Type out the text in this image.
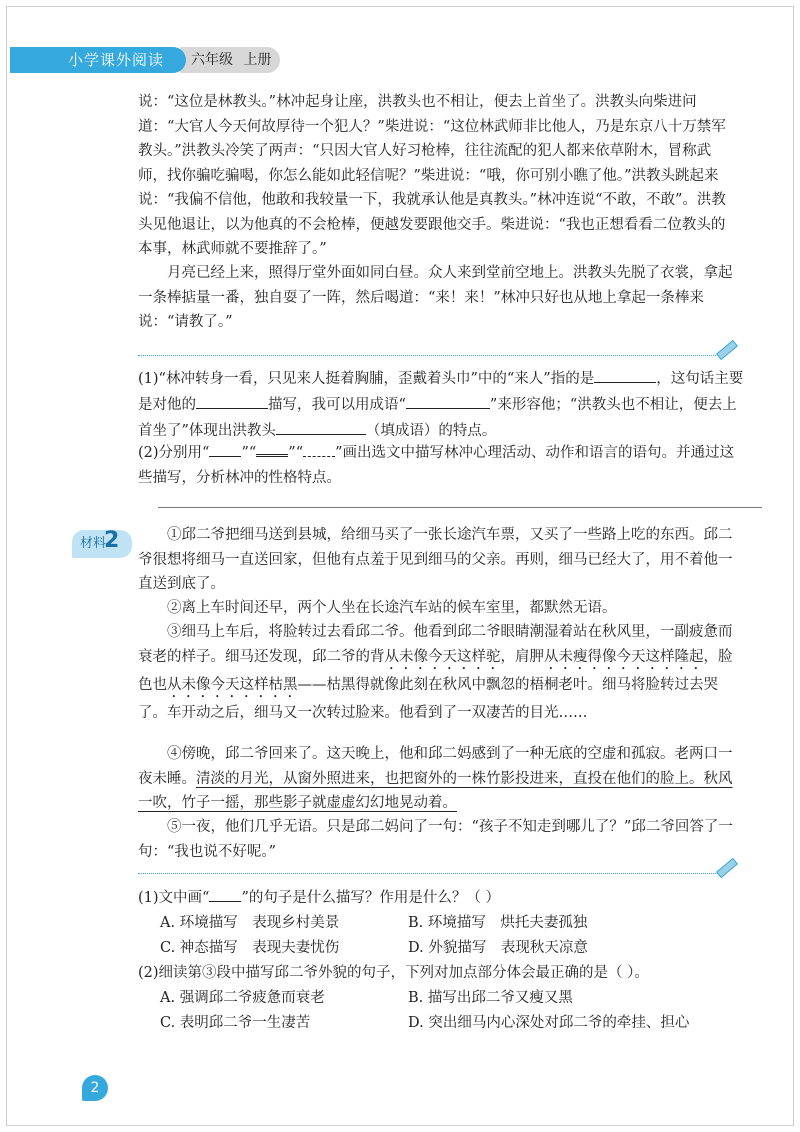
小学课外阅读	六年级 上册

说：“这位是林教头。”林冲起身让座，洪教头也不相让，便去上首坐了。洪教头向柴进问道：“大官人今天何故厚待一个犯人？”柴进说：“这位林武师非比他人，乃是东京八十万禁军教头。”洪教头冷笑了两声：“只因大官人好习枪棒，往往流配的犯人都来依草附木，冒称武师，找你骗吃骗喝，你怎么能如此轻信呢？”柴进说：“哦，你可别小瞧了他。”洪教头跳起来说：“我偏不信他，他敢和我较量一下，我就承认他是真教头。”林冲连说“不敢，不敢”。洪教头见他退让，以为他真的不会枪棒，便越发要跟他交手。柴进说：“我也正想看看二位教头的本事，林武师就不要推辞了。”

月亮已经上来，照得厅堂外面如同白昼。众人来到堂前空地上。洪教头先脱了衣裳，拿起一条棒掂量一番，独自耍了一阵，然后喝道：“来！来！”林冲只好也从地上拿起一条棒来说：“请教了。”

(1)“林冲转身一看，只见来人挺着胸脯，歪戴着头巾”中的“来人”指的是	，这句话主要是对他的	描写，我可以用成语“	”来形容他；“洪教头也不相让，便去上首坐了”体现出洪教头	（填成语）的特点。

(2)分别用“ ”“ ”“ ”画出选文中描写林冲心理活动、动作和语言的语句。并通过这些描写，分析林冲的性格特点。

材料
2	①邱二爷把细马送到县城，给细马买了一张长途汽车票，又买了一些路上吃的东西。邱二爷很想将细马一直送回家，但他有点羞于见到细马的父亲。再则，细马已经大了，用不着他一直送到底了。

②离上车时间还早，两个人坐在长途汽车站的候车室里，都默然无语。

③细马上车后，将脸转过去看邱二爷。他看到邱二爷眼睛潮湿着站在秋风里，一副疲惫而衰老的样子。细马还发现，邱二爷的背从未像今天这样驼，肩胛从未瘦得像今天这样隆起，脸色也从未像今天这样枯黑——枯黑得就像此刻在秋风中飘忽的梧桐老叶。细马将脸转过去哭了。车开动之后，细马又一次转过脸来。他看到了一双凄苦的目光……

④傍晚，邱二爷回来了。这天晚上，他和邱二妈感到了一种无底的空虚和孤寂。老两口一夜未睡。清淡的月光，从窗外照进来，也把窗外的一株竹影投进来，直投在他们的脸上。秋风一吹，竹子一摇，那些影子就虚虚幻幻地晃动着。

⑤一夜，他们几乎无语。只是邱二妈问了一句：“孩子不知走到哪儿了？”邱二爷回答了一句：“我也说不好呢。”

(1)文中画“ ”的句子是什么描写？作用是什么？（ ）

A. 环境描写　表现乡村美景	B. 环境描写　烘托夫妻孤独
C. 神态描写　表现夫妻忧伤	D. 外貌描写　表现秋天凉意

(2)细读第③段中描写邱二爷外貌的句子，下列对加点部分体会最正确的是（ ）。

A. 强调邱二爷疲惫而衰老	B. 描写出邱二爷又瘦又黑
C. 表明邱二爷一生凄苦	D. 突出细马内心深处对邱二爷的牵挂、担心
2
